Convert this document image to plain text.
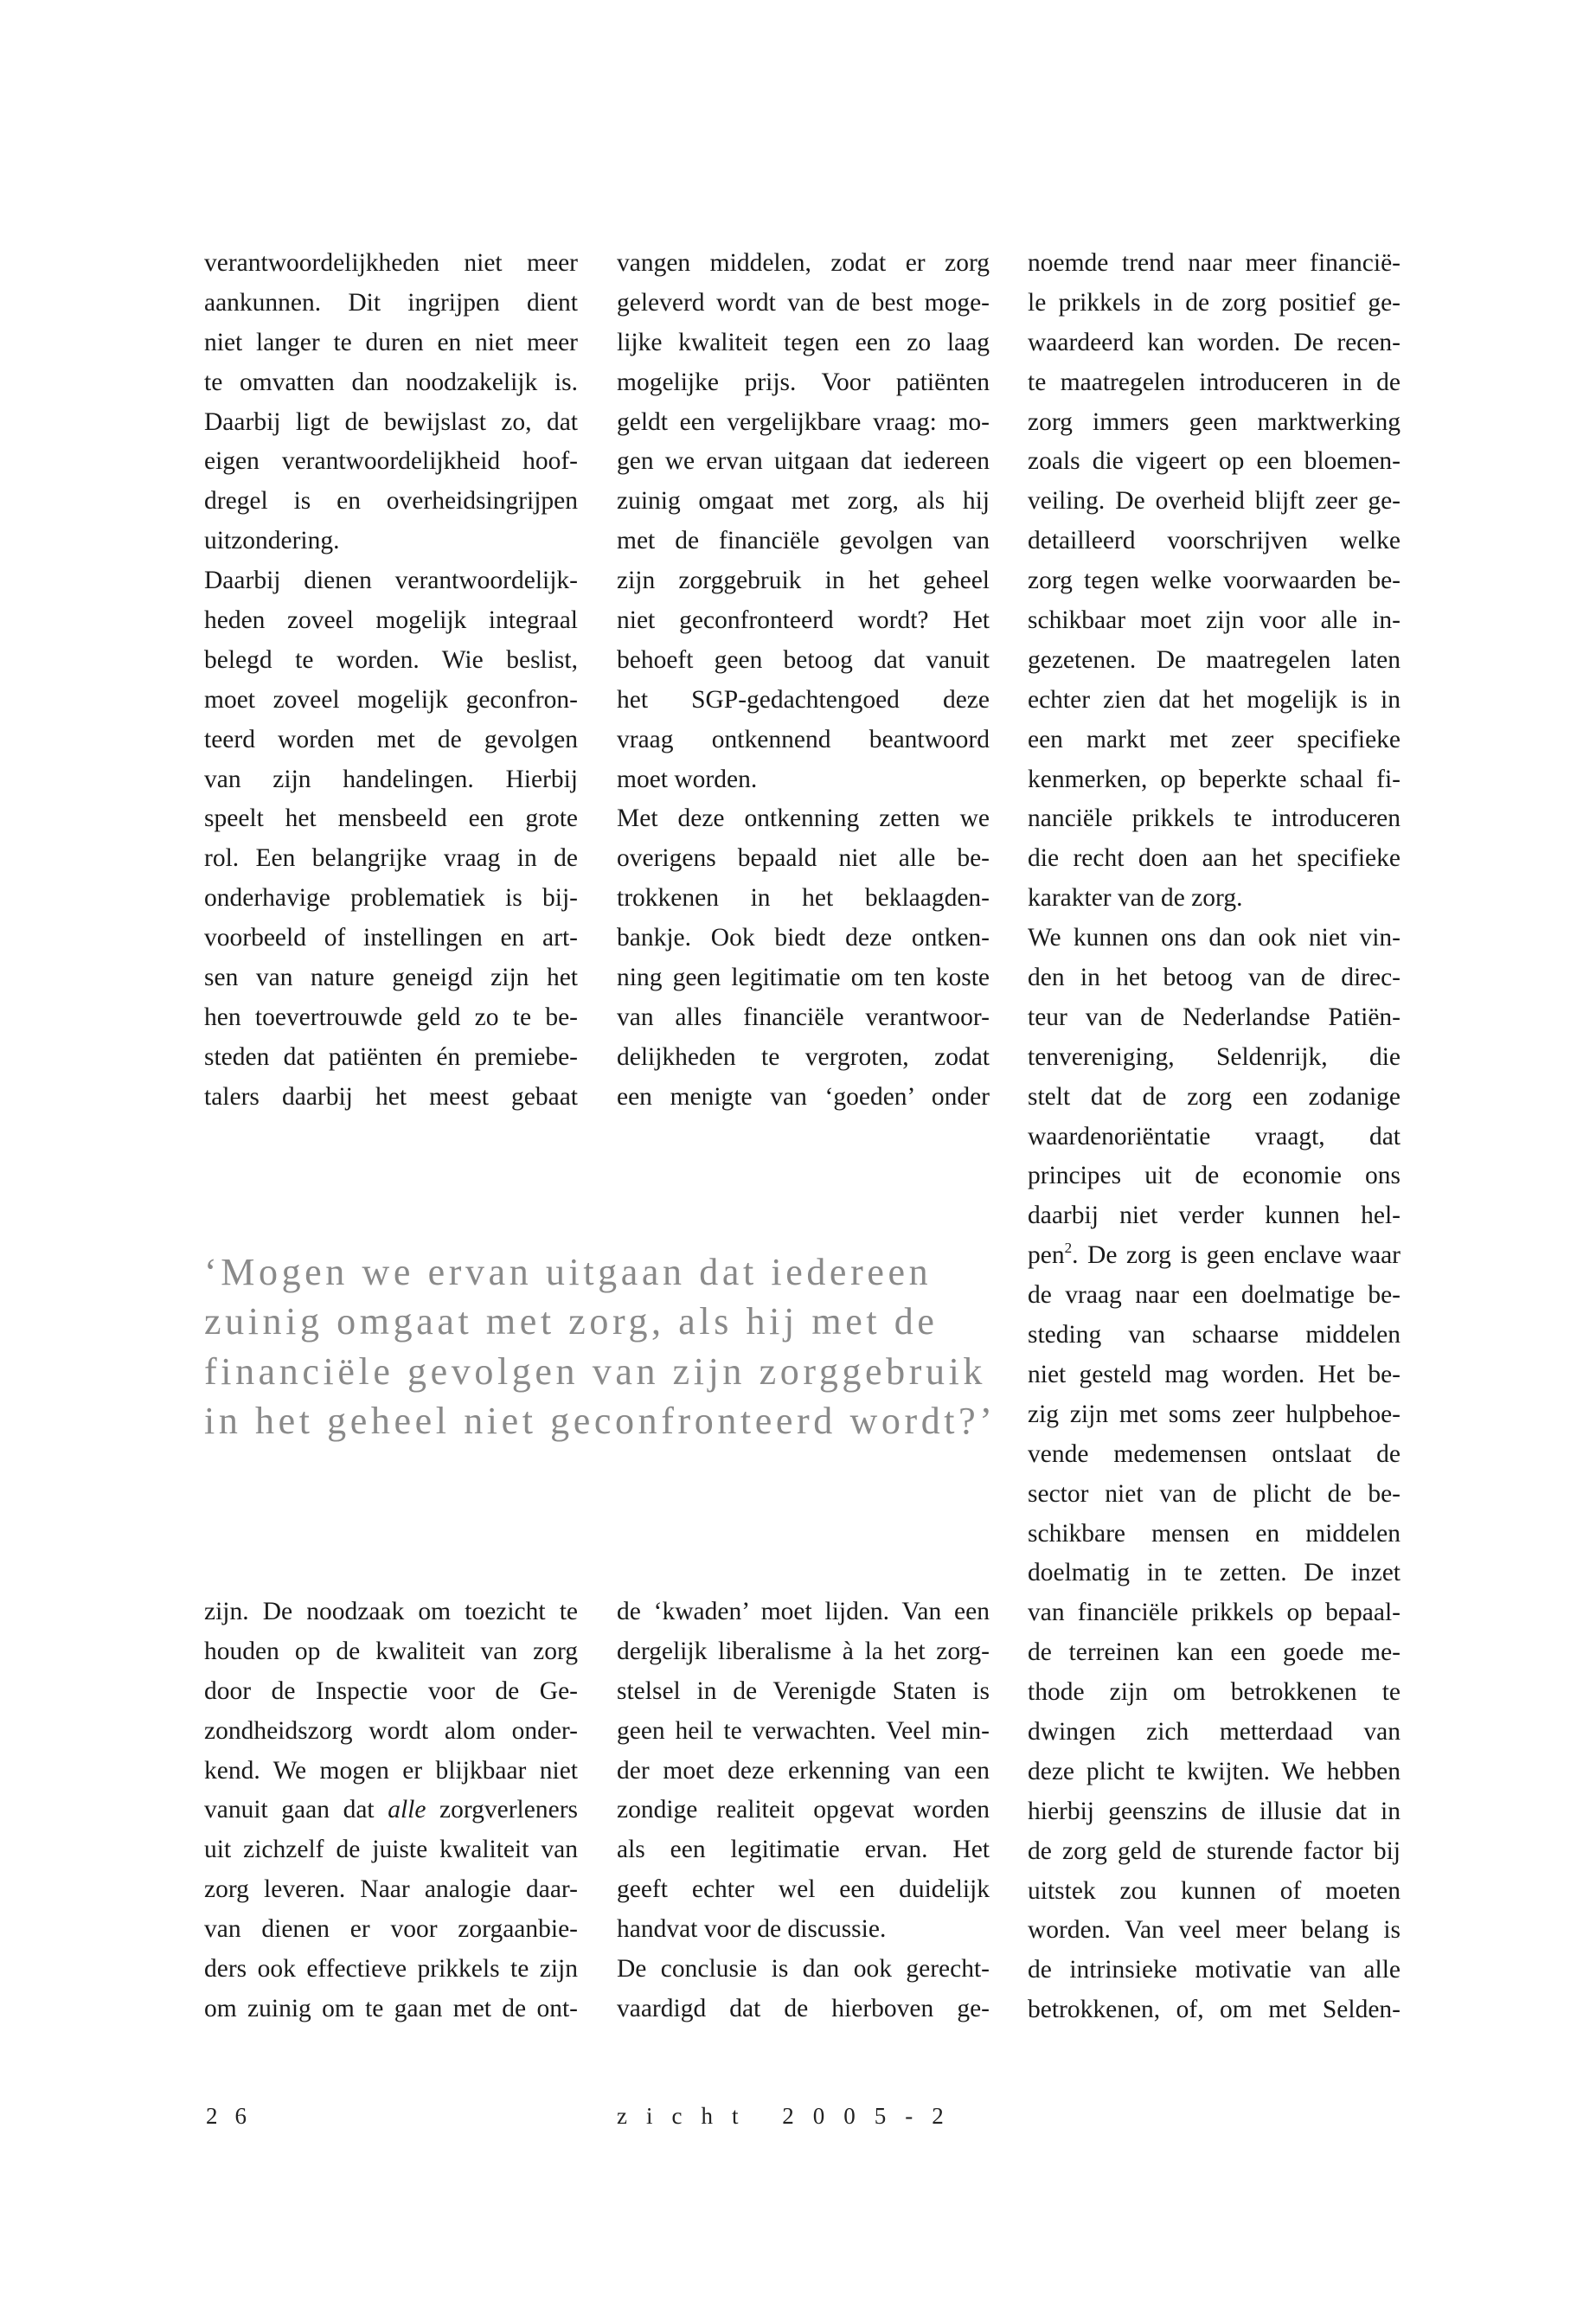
verantwoordelijkheden niet meer
aankunnen. Dit ingrijpen dient
niet langer te duren en niet meer
te omvatten dan noodzakelijk is.
Daarbij ligt de bewijslast zo, dat
eigen verantwoordelijkheid hoof-
dregel is en overheidsingrijpen
uitzondering.
Daarbij dienen verantwoordelijk-
heden zoveel mogelijk integraal
belegd te worden. Wie beslist,
moet zoveel mogelijk geconfron-
teerd worden met de gevolgen
van zijn handelingen. Hierbij
speelt het mensbeeld een grote
rol. Een belangrijke vraag in de
onderhavige problematiek is bij-
voorbeeld of instellingen en art-
sen van nature geneigd zijn het
hen toevertrouwde geld zo te be-
steden dat patiënten én premiebe-
talers daarbij het meest gebaat
vangen middelen, zodat er zorg
geleverd wordt van de best moge-
lijke kwaliteit tegen een zo laag
mogelijke prijs. Voor patiënten
geldt een vergelijkbare vraag: mo-
gen we ervan uitgaan dat iedereen
zuinig omgaat met zorg, als hij
met de financiële gevolgen van
zijn zorggebruik in het geheel
niet geconfronteerd wordt? Het
behoeft geen betoog dat vanuit
het SGP-gedachtengoed deze
vraag ontkennend beantwoord
moet worden.
Met deze ontkenning zetten we
overigens bepaald niet alle be-
trokkenen in het beklaagden-
bankje. Ook biedt deze ontken-
ning geen legitimatie om ten koste
van alles financiële verantwoor-
delijkheden te vergroten, zodat
een menigte van ‘goeden’ onder
noemde trend naar meer financië-
le prikkels in de zorg positief ge-
waardeerd kan worden. De recen-
te maatregelen introduceren in de
zorg immers geen marktwerking
zoals die vigeert op een bloemen-
veiling. De overheid blijft zeer ge-
detailleerd voorschrijven welke
zorg tegen welke voorwaarden be-
schikbaar moet zijn voor alle in-
gezetenen. De maatregelen laten
echter zien dat het mogelijk is in
een markt met zeer specifieke
kenmerken, op beperkte schaal fi-
nanciële prikkels te introduceren
die recht doen aan het specifieke
karakter van de zorg.
We kunnen ons dan ook niet vin-
den in het betoog van de direc-
teur van de Nederlandse Patiën-
tenvereniging, Seldenrijk, die
stelt dat de zorg een zodanige
waardenoriëntatie vraagt, dat
principes uit de economie ons
daarbij niet verder kunnen hel-
pen$^2$. De zorg is geen enclave waar
de vraag naar een doelmatige be-
steding van schaarse middelen
niet gesteld mag worden. Het be-
zig zijn met soms zeer hulpbehoe-
vende medemensen ontslaat de
sector niet van de plicht de be-
schikbare mensen en middelen
doelmatig in te zetten. De inzet
van financiële prikkels op bepaal-
de terreinen kan een goede me-
thode zijn om betrokkenen te
dwingen zich metterdaad van
deze plicht te kwijten. We hebben
hierbij geenszins de illusie dat in
de zorg geld de sturende factor bij
uitstek zou kunnen of moeten
worden. Van veel meer belang is
de intrinsieke motivatie van alle
betrokkenen, of, om met Selden-
‘Mogen we ervan uitgaan dat iedereen
zuinig omgaat met zorg, als hij met de
financiële gevolgen van zijn zorggebruik
in het geheel niet geconfronteerd wordt?’
zijn. De noodzaak om toezicht te
houden op de kwaliteit van zorg
door de Inspectie voor de Ge-
zondheidszorg wordt alom onder-
kend. We mogen er blijkbaar niet
vanuit gaan dat alle zorgverleners
uit zichzelf de juiste kwaliteit van
zorg leveren. Naar analogie daar-
van dienen er voor zorgaanbie-
ders ook effectieve prikkels te zijn
om zuinig om te gaan met de ont-
de ‘kwaden’ moet lijden. Van een
dergelijk liberalisme à la het zorg-
stelsel in de Verenigde Staten is
geen heil te verwachten. Veel min-
der moet deze erkenning van een
zondige realiteit opgevat worden
als een legitimatie ervan. Het
geeft echter wel een duidelijk
handvat voor de discussie.
De conclusie is dan ook gerecht-
vaardigd dat de hierboven ge-
26	zicht 2005-2
